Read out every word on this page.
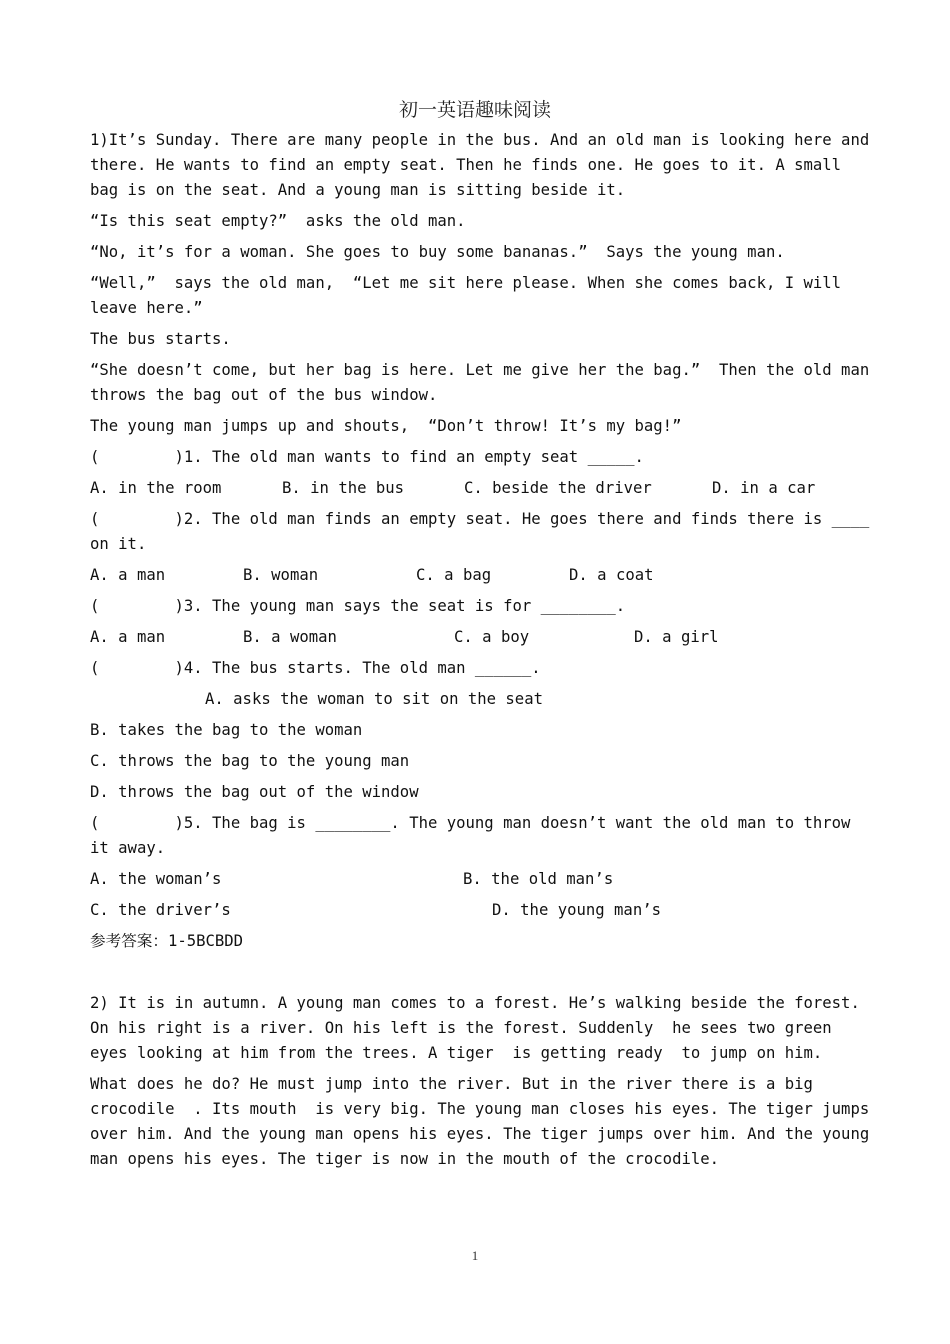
初一英语趣味阅读

1)It’s Sunday. There are many people in the bus. And an old man is looking here and there. He wants to find an empty seat. Then he finds one. He goes to it. A small bag is on the seat. And a young man is sitting beside it.

“Is this seat empty?”  asks the old man.

“No, it’s for a woman. She goes to buy some bananas.”  Says the young man.

“Well,”  says the old man,  “Let me sit here please. When she comes back, I will  leave here.”

The bus starts.

“She doesn’t come, but her bag is here. Let me give her the bag.”  Then the old man throws the bag out of the bus window.

The young man jumps up and shouts,  “Don’t throw! It’s my bag!”

(        )1. The old man wants to find an empty seat _____.

A. in the room	B. in the bus	C. beside the driver	D. in a car

(        )2. The old man finds an empty seat. He goes there and finds there is ____ on it.

A. a man	B. woman	C. a bag	D. a coat

(        )3. The young man says the seat is for ________.

A. a man	B. a woman	C. a boy	D. a girl

(        )4. The bus starts. The old man ______.

A. asks the woman to sit on the seat

B. takes the bag to the woman

C. throws the bag to the young man

D. throws the bag out of the window

(        )5. The bag is ________. The young man doesn’t want the old man to throw it away.

A. the woman’s	B. the old man’s
C. the driver’s	D. the young man’s

参考答案：1-5BCBDD

2) It is in autumn. A young man comes to a forest. He’s walking beside the forest. On his right is a river. On his left is the forest. Suddenly  he sees two green eyes looking at him from the trees. A tiger  is getting ready  to jump on him.

What does he do? He must jump into the river. But in the river there is a big crocodile  . Its mouth  is very big. The young man closes his eyes. The tiger jumps over him. And the young man opens his eyes. The tiger jumps over him. And the young man opens his eyes. The tiger is now in the mouth of the crocodile.

1
